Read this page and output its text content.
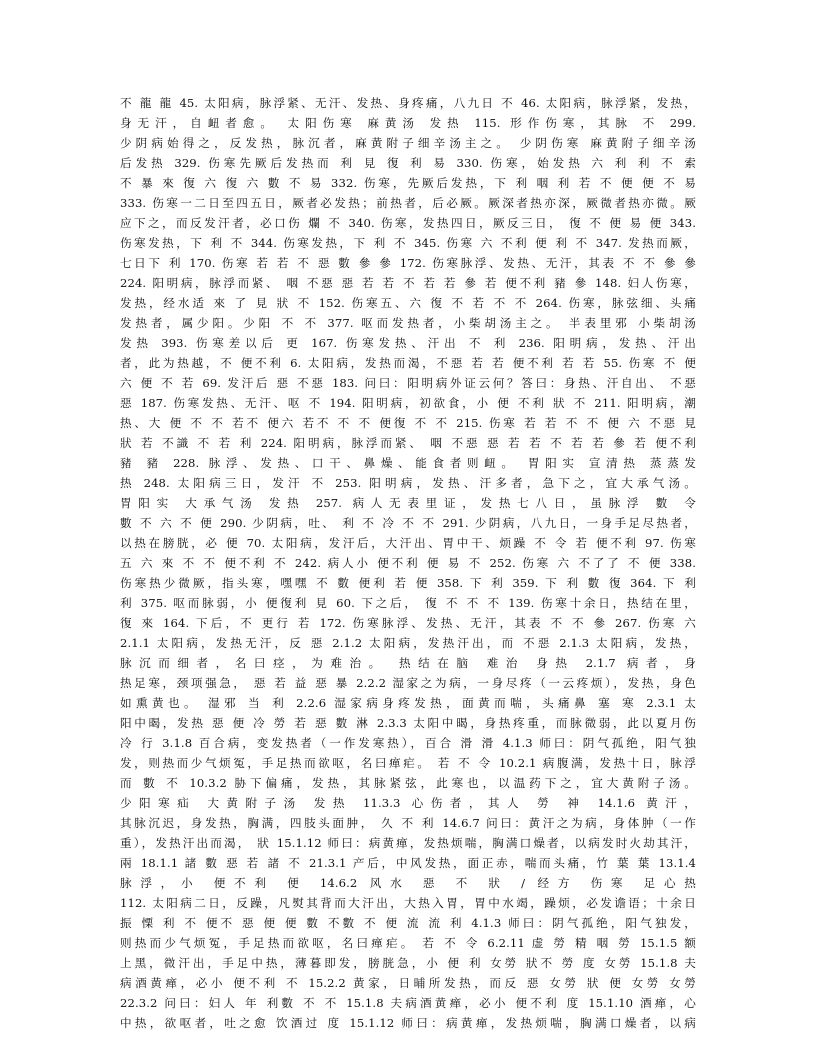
不 龍 龍 45. 太阳病，脉浮紧、无汗、发热、身疼痛，八九日 不 46. 太阳病，脉浮紧，发热，
身无汗，自衄者愈。 太阳伤寒 麻黄汤 发热 115. 形作伤寒，其脉 不 299.
少阴病始得之，反发热，脉沉者，麻黄附子细辛汤主之。 少阴伤寒 麻黄附子细辛汤
后发热 329. 伤寒先厥后发热而 利 見 復 利 易 330. 伤寒，始发热 六 利 利 不 索
不 暴 來 復 六 復 六 數 不 易 332. 伤寒，先厥后发热，下 利 咽 利 若 不 便 便 不 易
333. 伤寒一二日至四五日，厥者必发热；前热者，后必厥。厥深者热亦深，厥微者热亦微。厥
应下之，而反发汗者，必口伤 爛 不 340. 伤寒，发热四日，厥反三日， 復 不 便 易 便 343.
伤寒发热，下 利 不 344. 伤寒发热，下 利 不 345. 伤寒 六 不利 便 利 不 347. 发热而厥，
七日下 利 170. 伤寒 若 若 不 惡 數 參 參 172. 伤寒脉浮、发热、无汗，其表 不 不 參 參
224. 阳明病，脉浮而紧、 咽 不惡 惡 若 若 不 若 若 參 若 便不利 豬 參 148. 妇人伤寒，
发热，经水适 來 了 見 狀 不 152. 伤寒五、六 復 不 若 不 不 264. 伤寒，脉弦细、头痛
发热者，属少阳。少阳 不 不 377. 呕而发热者，小柴胡汤主之。 半表里邪 小柴胡汤
发热 393. 伤寒差以后 更 167. 伤寒发热、汗出 不 利 236. 阳明病，发热、汗出
者，此为热越，不 便不利 6. 太阳病，发热而渴，不惡 若 若 便不利 若 若 55. 伤寒 不 便
六 便 不 若 69. 发汗后 惡 不惡 183. 问曰：阳明病外证云何？答曰：身热、汗自出、 不惡
惡 187. 伤寒发热、无汗、呕 不 194. 阳明病，初欲食，小 便 不利 狀 不 211. 阳明病，潮
热、大 便 不 不 若不 便六 若不 不 不 便復 不 不 215. 伤寒 若 若 不 不 便 六 不惡 見
狀 若 不識 不 若 利 224. 阳明病，脉浮而紧、 咽 不惡 惡 若 若 不 若 若 參 若 便不利
豬 豬 228. 脉浮、发热、口干、鼻燥、能食者则衄。 胃阳实 宣清热 蒸蒸发
热 248. 太阳病三日，发汗 不 253. 阳明病，发热、汗多者，急下之，宜大承气汤。
胃阳实 大承气汤 发热 257. 病人无表里证，发热七八日，虽脉浮 數 令
數 不 六 不 便 290. 少阴病，吐、 利 不 冷 不 不 291. 少阴病，八九日，一身手足尽热者，
以热在膀胱，必 便 70. 太阳病，发汗后，大汗出、胃中干、烦躁 不 令 若 便不利 97. 伤寒
五 六 來 不 不 便不利 不 242. 病人小 便不利 便 易 不 252. 伤寒 六 不了了 不 便 338.
伤寒热少微厥，指头寒，嘿嘿 不 數 便利 若 便 358. 下 利 359. 下 利 數 復 364. 下 利
利 375. 呕而脉弱，小 便復利 見 60. 下之后， 復 不 不 不 139. 伤寒十余日，热结在里，
復 來 164. 下后，不 更行 若 172. 伤寒脉浮、发热、无汗，其表 不 不 參 267. 伤寒 六
2.1.1 太阳病，发热无汗，反 惡 2.1.2 太阳病，发热汗出，而 不惡 2.1.3 太阳病，发热，
脉沉而细者，名曰痉，为难治。 热结在脑 难治 身热 2.1.7 病者，身
热足寒，颈项强急， 惡 若 益 惡 暴 2.2.2 湿家之为病，一身尽疼（一云疼烦），发热，身色
如熏黄也。 湿邪 当 利 2.2.6 湿家病身疼发热，面黄而喘，头痛鼻 塞 寒 2.3.1 太
阳中暍，发热 惡 便 冷 勞 若 惡 數 淋 2.3.3 太阳中暍，身热疼重，而脉微弱，此以夏月伤
冷 行 3.1.8 百合病，变发热者（一作发寒热），百合 滑 滑 4.1.3 师曰：阴气孤绝，阳气独
发，则热而少气烦冤，手足热而欲呕，名曰瘅疟。 若 不 令 10.2.1 病腹满，发热十日，脉浮
而 數 不 10.3.2 胁下偏痛，发热，其脉紧弦，此寒也，以温药下之，宜大黄附子汤。
少阳寒疝 大黄附子汤 发热 11.3.3 心伤者，其人 勞 神 14.1.6 黄汗，
其脉沉迟，身发热，胸满，四肢头面肿， 久 不 利 14.6.7 问曰：黄汗之为病，身体肿（一作
重），发热汗出而渴， 狀 15.1.12 师曰：病黄瘅，发热烦喘，胸满口燥者，以病发时火劫其汗，
兩 18.1.1 諸 數 惡 若 諸 不 21.3.1 产后，中风发热，面正赤，喘而头痛，竹 葉 葉 13.1.4
脉浮，小 便不利 便 14.6.2 风水 惡 不 狀 / 经方 伤寒 足心热
112. 太阳病二日，反躁，凡熨其背而大汗出，大热入胃，胃中水竭，躁烦，必发谵语；十余日
振 慄 利 不 便不 惡 便 便 數 不數 不 便 流 流 利 4.1.3 师曰：阴气孤绝，阳气独发，
则热而少气烦冤，手足热而欲呕，名曰瘅疟。 若 不 令 6.2.11 虚 勞 精 咽 勞 15.1.5 额
上黑，微汗出，手足中热，薄暮即发，膀胱急，小 便 利 女勞 狀不 勞 度 女勞 15.1.8 夫
病酒黄瘅，必小 便不利 不 15.2.2 黄家，日晡所发热，而反 惡 女勞 狀 便 女勞 女勞
22.3.2 问曰：妇人 年 利數 不 不 15.1.8 夫病酒黄瘅，必小 便不利 度 15.1.10 酒瘅，心
中热，欲呕者，吐之愈 饮酒过 度 15.1.12 师曰：病黄瘅，发热烦喘，胸满口燥者，以病
